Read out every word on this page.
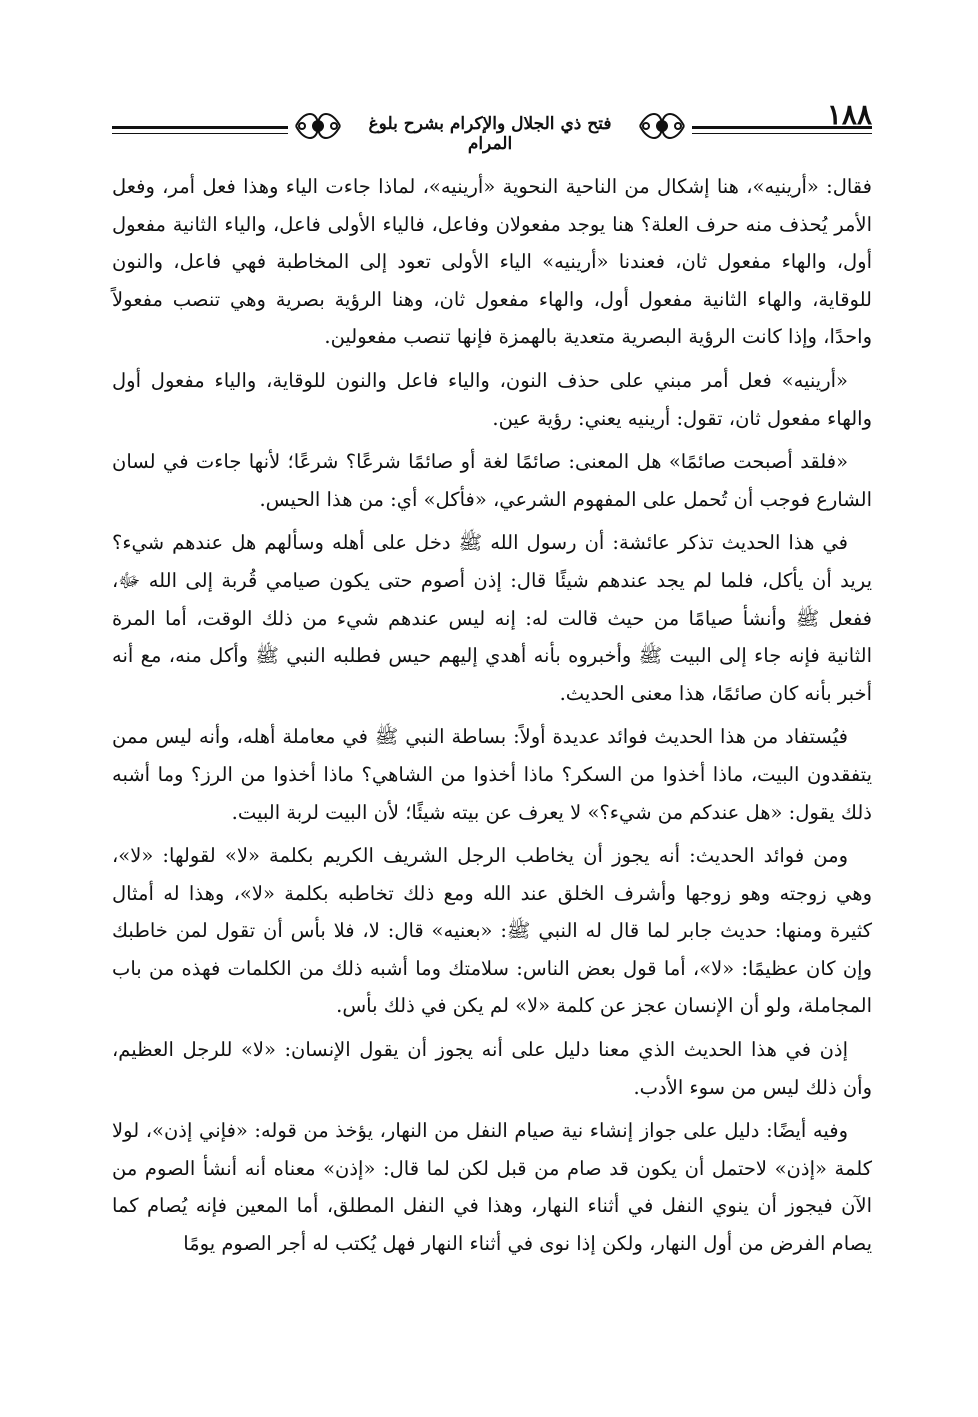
١٨٨
فتح ذي الجلال والإكرام بشرح بلوغ المرام

فقال: «أرينيه»، هنا إشكال من الناحية النحوية «أرينيه»، لماذا جاءت الياء وهذا فعل أمر، وفعل الأمر يُحذف منه حرف العلة؟ هنا يوجد مفعولان وفاعل، فالياء الأولى فاعل، والياء الثانية مفعول أول، والهاء مفعول ثان، فعندنا «أرينيه» الياء الأولى تعود إلى المخاطبة فهي فاعل، والنون للوقاية، والهاء الثانية مفعول أول، والهاء مفعول ثان، وهنا الرؤية بصرية وهي تنصب مفعولاً واحدًا، وإذا كانت الرؤية البصرية متعدية بالهمزة فإنها تنصب مفعولين.

«أرينيه» فعل أمر مبني على حذف النون، والياء فاعل والنون للوقاية، والياء مفعول أول والهاء مفعول ثان، تقول: أرينيه يعني: رؤية عين.

«فلقد أصبحت صائمًا» هل المعنى: صائمًا لغة أو صائمًا شرعًا؟ شرعًا؛ لأنها جاءت في لسان الشارع فوجب أن تُحمل على المفهوم الشرعي، «فأكل» أي: من هذا الحيس.

في هذا الحديث تذكر عائشة: أن رسول الله ﷺ دخل على أهله وسألهم هل عندهم شيء؟ يريد أن يأكل، فلما لم يجد عندهم شيئًا قال: إذن أصوم حتى يكون صيامي قُربة إلى الله ﷻ، ففعل ﷺ وأنشأ صيامًا من حيث قالت له: إنه ليس عندهم شيء من ذلك الوقت، أما المرة الثانية فإنه جاء إلى البيت ﷺ وأخبروه بأنه أهدي إليهم حيس فطلبه النبي ﷺ وأكل منه، مع أنه أخبر بأنه كان صائمًا، هذا معنى الحديث.

فيُستفاد من هذا الحديث فوائد عديدة أولاً: بساطة النبي ﷺ في معاملة أهله، وأنه ليس ممن يتفقدون البيت، ماذا أخذوا من السكر؟ ماذا أخذوا من الشاهي؟ ماذا أخذوا من الرز؟ وما أشبه ذلك يقول: «هل عندكم من شيء؟» لا يعرف عن بيته شيئًا؛ لأن البيت لربة البيت.

ومن فوائد الحديث: أنه يجوز أن يخاطب الرجل الشريف الكريم بكلمة «لا» لقولها: «لا»، وهي زوجته وهو زوجها وأشرف الخلق عند الله ومع ذلك تخاطبه بكلمة «لا»، وهذا له أمثال كثيرة ومنها: حديث جابر لما قال له النبي ﷺ: «بعنيه» قال: لا، فلا بأس أن تقول لمن خاطبك وإن كان عظيمًا: «لا»، أما قول بعض الناس: سلامتك وما أشبه ذلك من الكلمات فهذه من باب المجاملة، ولو أن الإنسان عجز عن كلمة «لا» لم يكن في ذلك بأس.

إذن في هذا الحديث الذي معنا دليل على أنه يجوز أن يقول الإنسان: «لا» للرجل العظيم، وأن ذلك ليس من سوء الأدب.

وفيه أيضًا: دليل على جواز إنشاء نية صيام النفل من النهار، يؤخذ من قوله: «فإني إذن»، لولا كلمة «إذن» لاحتمل أن يكون قد صام من قبل لكن لما قال: «إذن» معناه أنه أنشأ الصوم من الآن فيجوز أن ينوي النفل في أثناء النهار، وهذا في النفل المطلق، أما المعين فإنه يُصام كما يصام الفرض من أول النهار، ولكن إذا نوى في أثناء النهار فهل يُكتب له أجر الصوم يومًا
